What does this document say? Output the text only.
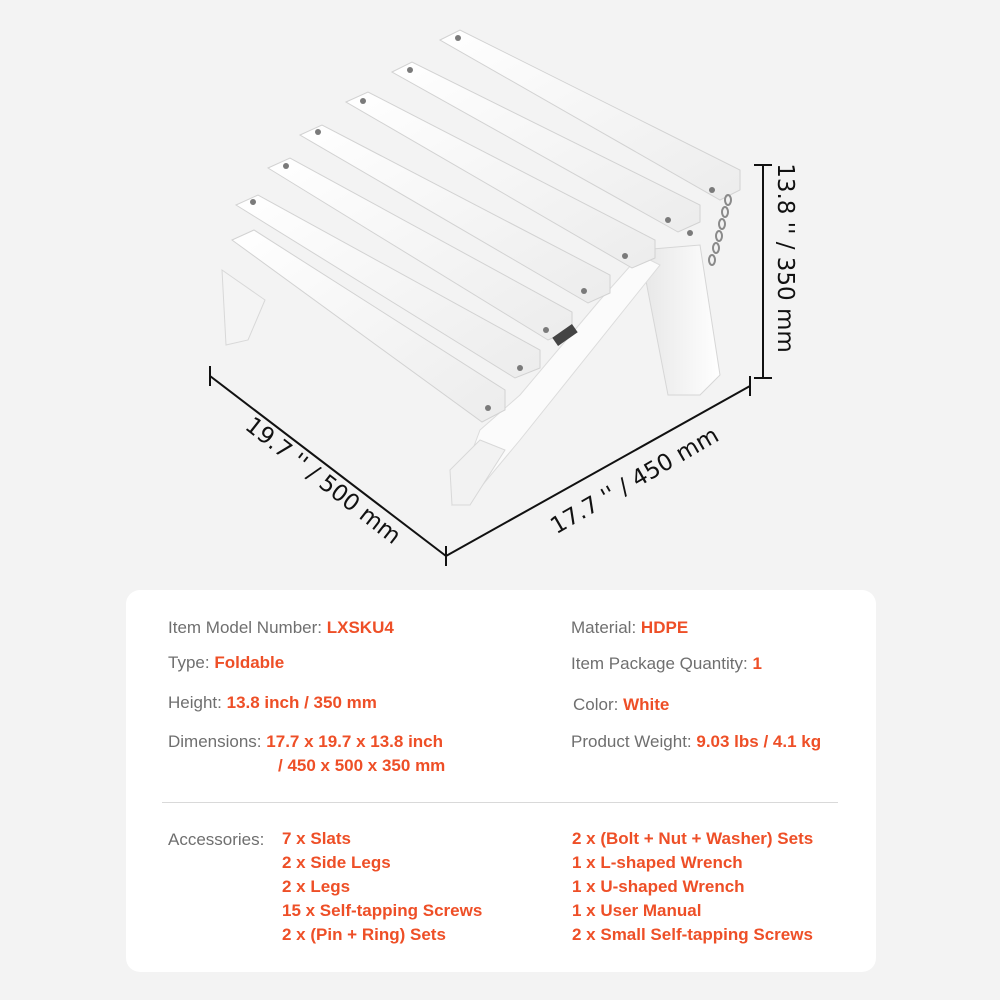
13.8 '' / 350 mm
19.7 '' / 500 mm	17.7 '' / 450 mm
Item Model Number: LXSKU4
Type: Foldable
Height: 13.8 inch / 350 mm
Dimensions: 17.7 x 19.7 x 13.8 inch
/ 450 x 500 x 350 mm
Material: HDPE
Item Package Quantity: 1
Color: White
Product Weight: 9.03 lbs / 4.1 kg
Accessories: 7 x Slats
2 x Side Legs
2 x Legs
15 x Self-tapping Screws
2 x (Pin + Ring) Sets
2 x (Bolt + Nut + Washer) Sets
1 x L-shaped Wrench
1 x U-shaped Wrench
1 x User Manual
2 x Small Self-tapping Screws
